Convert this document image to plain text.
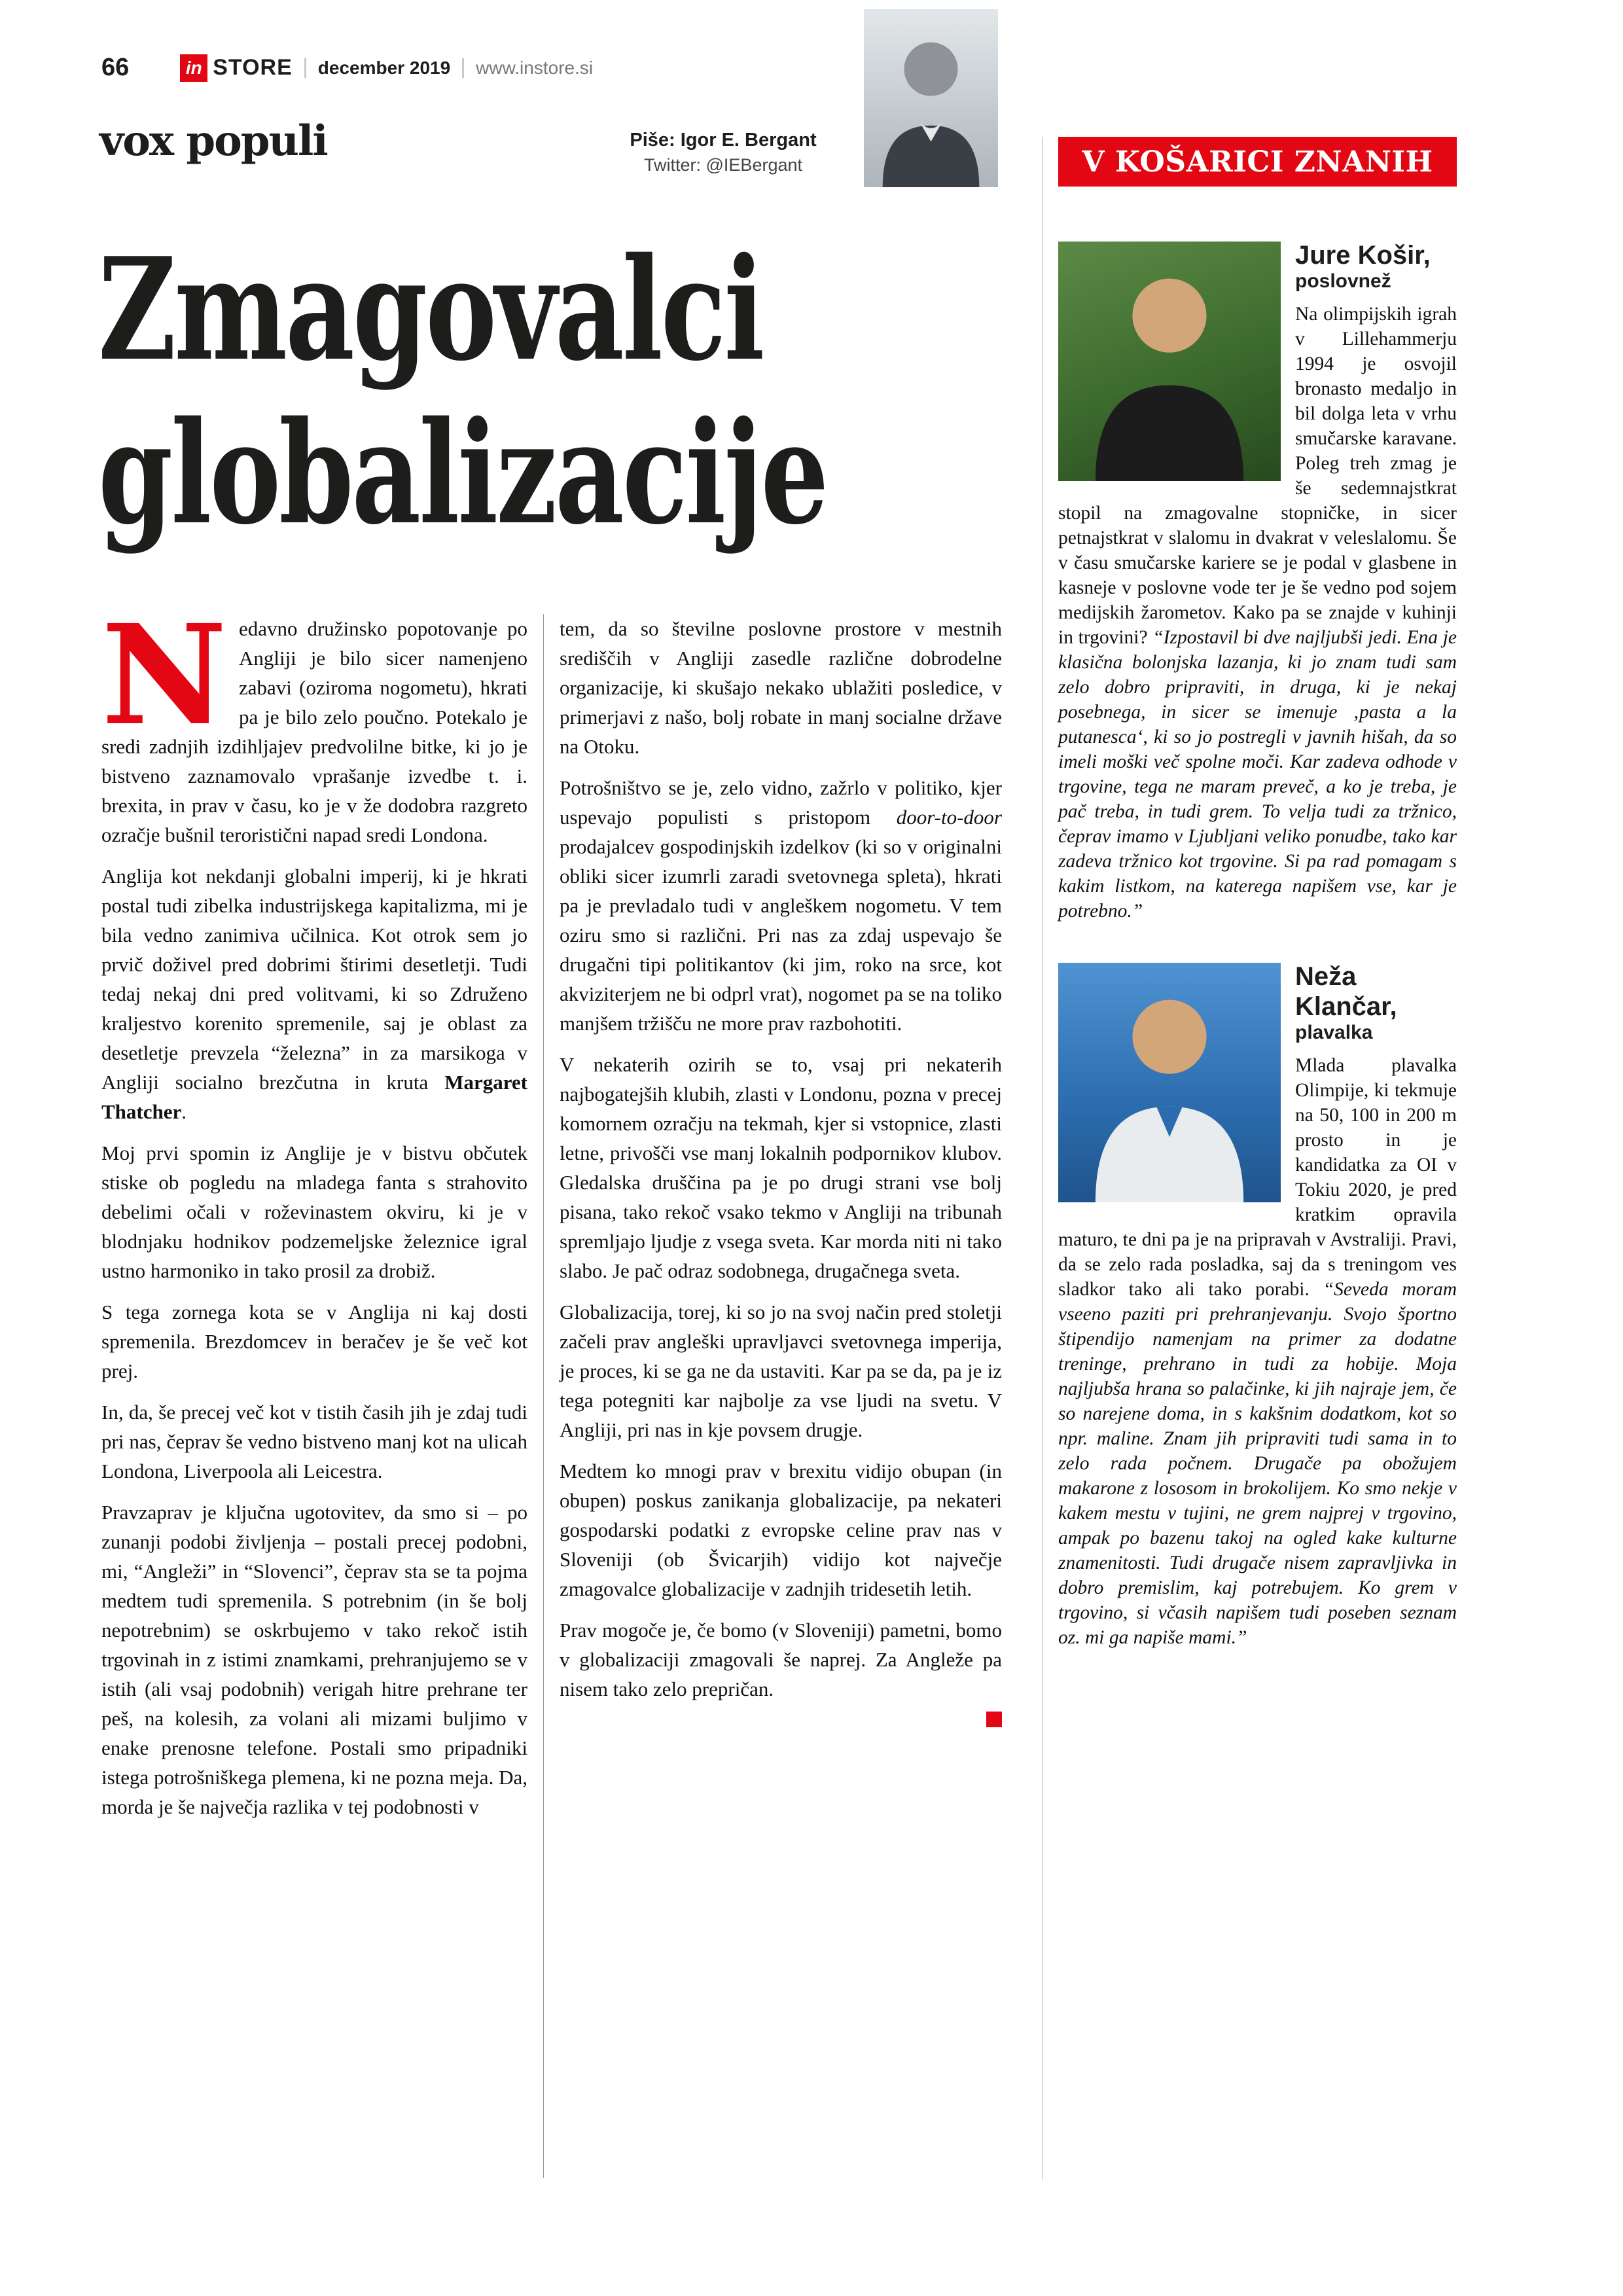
66	in STORE december 2019 www.instore.si
vox populi	Piše: Igor E. Bergant
Twitter: @IEBergant
Zmagovalci
globalizacije

Nedavno družinsko popotovanje po Angliji je bilo sicer namenjeno zabavi (oziroma nogometu), hkrati pa je bilo zelo poučno. Potekalo je sredi zadnjih izdihljajev predvolilne bitke, ki jo je bistveno zaznamovalo vprašanje izvedbe t. i. brexita, in prav v času, ko je v že dodobra razgreto ozračje bušnil teroristični napad sredi Londona.

Anglija kot nekdanji globalni imperij, ki je hkrati postal tudi zibelka industrijskega kapitalizma, mi je bila vedno zanimiva učilnica. Kot otrok sem jo prvič doživel pred dobrimi štirimi desetletji. Tudi tedaj nekaj dni pred volitvami, ki so Združeno kraljestvo korenito spremenile, saj je oblast za desetletje prevzela “železna” in za marsikoga v Angliji socialno brezčutna in kruta Margaret Thatcher.

Moj prvi spomin iz Anglije je v bistvu občutek stiske ob pogledu na mladega fanta s strahovito debelimi očali v roževinastem okviru, ki je v blodnjaku hodnikov podzemeljske železnice igral ustno harmoniko in tako prosil za drobiž.

S tega zornega kota se v Anglija ni kaj dosti spremenila. Brezdomcev in beračev je še več kot prej.

In, da, še precej več kot v tistih časih jih je zdaj tudi pri nas, čeprav še vedno bistveno manj kot na ulicah Londona, Liverpoola ali Leicestra.

Pravzaprav je ključna ugotovitev, da smo si – po zunanji podobi življenja – postali precej podobni, mi, “Angleži” in “Slovenci”, čeprav sta se ta pojma medtem tudi spremenila. S potrebnim (in še bolj nepotrebnim) se oskrbujemo v tako rekoč istih trgovinah in z istimi znamkami, prehranjujemo se v istih (ali vsaj podobnih) verigah hitre prehrane ter peš, na kolesih, za volani ali mizami buljimo v enake prenosne telefone. Postali smo pripadniki istega potrošniškega plemena, ki ne pozna meja. Da, morda je še največja razlika v tej podobnosti v

tem, da so številne poslovne prostore v mestnih središčih v Angliji zasedle različne dobrodelne organizacije, ki skušajo nekako ublažiti posledice, v primerjavi z našo, bolj robate in manj socialne države na Otoku.

Potrošništvo se je, zelo vidno, zažrlo v politiko, kjer uspevajo populisti s pristopom door-to-door prodajalcev gospodinjskih izdelkov (ki so v originalni obliki sicer izumrli zaradi svetovnega spleta), hkrati pa je prevladalo tudi v angleškem nogometu. V tem oziru smo si različni. Pri nas za zdaj uspevajo še drugačni tipi politikantov (ki jim, roko na srce, kot akviziterjem ne bi odprl vrat), nogomet pa se na toliko manjšem tržišču ne more prav razbohotiti.

V nekaterih ozirih se to, vsaj pri nekaterih najbogatejših klubih, zlasti v Londonu, pozna v precej komornem ozračju na tekmah, kjer si vstopnice, zlasti letne, privošči vse manj lokalnih podpornikov klubov. Gledalska druščina pa je po drugi strani vse bolj pisana, tako rekoč vsako tekmo v Angliji na tribunah spremljajo ljudje z vsega sveta. Kar morda niti ni tako slabo. Je pač odraz sodobnega, drugačnega sveta.

Globalizacija, torej, ki so jo na svoj način pred stoletji začeli prav angleški upravljavci svetovnega imperija, je proces, ki se ga ne da ustaviti. Kar pa se da, pa je iz tega potegniti kar najbolje za vse ljudi na svetu. V Angliji, pri nas in kje povsem drugje.

Medtem ko mnogi prav v brexitu vidijo obupan (in obupen) poskus zanikanja globalizacije, pa nekateri gospodarski podatki z evropske celine prav nas v Sloveniji (ob Švicarjih) vidijo kot največje zmagovalce globalizacije v zadnjih tridesetih letih.

Prav mogoče je, če bomo (v Sloveniji) pametni, bomo v globalizaciji zmagovali še naprej. Za Angleže pa nisem tako zelo prepričan.

V KOŠARICI ZNANIH
Jure Košir,
poslovnež

Na olimpijskih igrah v Lillehammerju 1994 je osvojil bronasto medaljo in bil dolga leta v vrhu smučarske karavane. Poleg treh zmag je še sedemnajstkrat stopil na zmagovalne stopničke, in sicer petnajstkrat v slalomu in dvakrat v veleslalomu. Še v času smučarske kariere se je podal v glasbene in kasneje v poslovne vode ter je še vedno pod sojem medijskih žarometov. Kako pa se znajde v kuhinji in trgovini? “Izpostavil bi dve najljubši jedi. Ena je klasična bolonjska lazanja, ki jo znam tudi sam zelo dobro pripraviti, in druga, ki je nekaj posebnega, in sicer se imenuje ‚pasta a la putanesca‘, ki so jo postregli v javnih hišah, da so imeli moški več spolne moči. Kar zadeva odhode v trgovine, tega ne maram preveč, a ko je treba, je pač treba, in tudi grem. To velja tudi za tržnico, čeprav imamo v Ljubljani veliko ponudbe, tako kar zadeva tržnico kot trgovine. Si pa rad pomagam s kakim listkom, na katerega napišem vse, kar je potrebno.”

Neža Klančar,
plavalka

Mlada plavalka Olimpije, ki tekmuje na 50, 100 in 200 m prosto in je kandidatka za OI v Tokiu 2020, je pred kratkim opravila maturo, te dni pa je na pripravah v Avstraliji. Pravi, da se zelo rada posladka, saj da s treningom ves sladkor tako ali tako porabi. “Seveda moram vseeno paziti pri prehranjevanju. Svojo športno štipendijo namenjam na primer za dodatne treninge, prehrano in tudi za hobije. Moja najljubša hrana so palačinke, ki jih najraje jem, če so narejene doma, in s kakšnim dodatkom, kot so npr. maline. Znam jih pripraviti tudi sama in to zelo rada počnem. Drugače pa obožujem makarone z lososom in brokolijem. Ko smo nekje v kakem mestu v tujini, ne grem najprej v trgovino, ampak po bazenu takoj na ogled kake kulturne znamenitosti. Tudi drugače nisem zapravljivka in dobro premislim, kaj potrebujem. Ko grem v trgovino, si včasih napišem tudi poseben seznam oz. mi ga napiše mami.”
